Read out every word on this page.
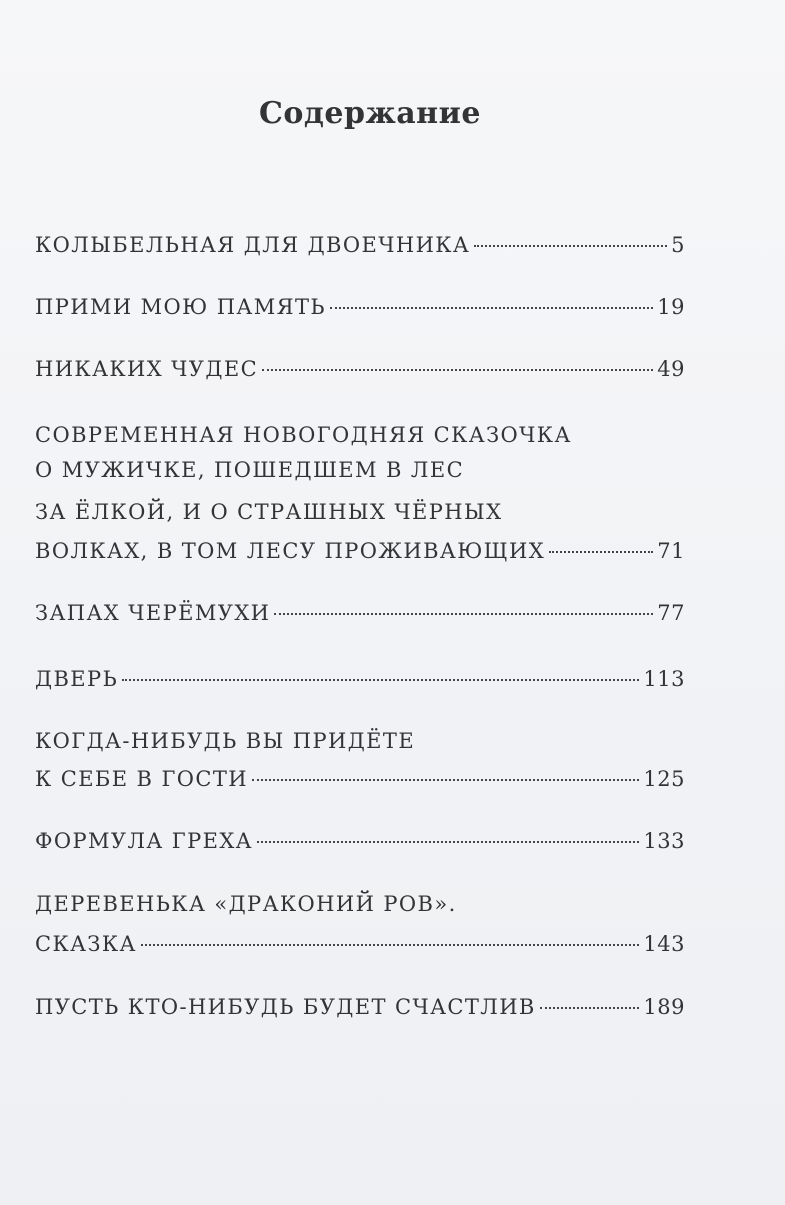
Содержание
КОЛЫБЕЛЬНАЯ ДЛЯ ДВОЕЧНИКА	5
ПРИМИ МОЮ ПАМЯТЬ	19
НИКАКИХ ЧУДЕС	49
СОВРЕМЕННАЯ НОВОГОДНЯЯ СКАЗОЧКА
О МУЖИЧКЕ, ПОШЕДШЕМ В ЛЕС
ЗА ЁЛКОЙ, И О СТРАШНЫХ ЧЁРНЫХ
ВОЛКАХ, В ТОМ ЛЕСУ ПРОЖИВАЮЩИХ	71
ЗАПАХ ЧЕРЁМУХИ	77
ДВЕРЬ	113
КОГДА-НИБУДЬ ВЫ ПРИДЁТЕ
К СЕБЕ В ГОСТИ	125
ФОРМУЛА ГРЕХА	133
ДЕРЕВЕНЬКА «ДРАКОНИЙ РОВ».
СКАЗКА	143
ПУСТЬ КТО-НИБУДЬ БУДЕТ СЧАСТЛИВ	189
